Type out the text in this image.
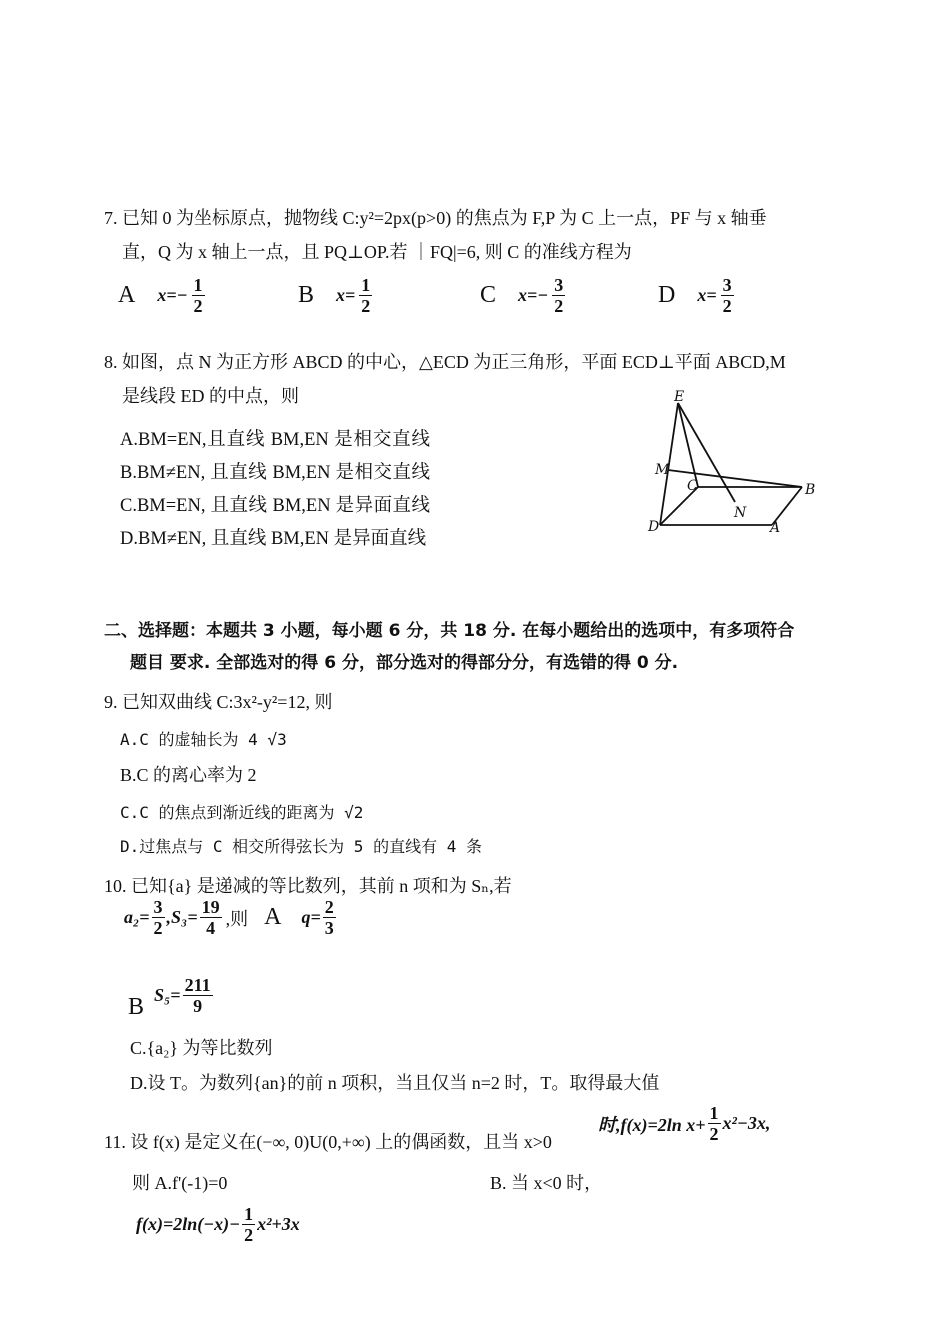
7. 已知 0 为坐标原点，抛物线 C:y²=2px(p>0) 的焦点为 F,P 为 C 上一点，PF 与 x 轴垂
直，Q 为 x 轴上一点，且 PQ⊥OP.若 ｜FQ|=6, 则 C 的准线方程为
A $x=- \frac{1}{2}$	B $x= \frac{1}{2}$	C $x=- \frac{3}{2}$	D $x= \frac{3}{2}$
8. 如图，点 N 为正方形 ABCD 的中心，△ECD 为正三角形，平面 ECD⊥平面 ABCD,M
是线段 ED 的中点，则
A.BM=EN,且直线 BM,EN 是相交直线 B.BM≠EN, 且直线 BM,EN 是相交直线 C.BM=EN, 且直线 BM,EN 是异面直线 D.BM≠EN, 且直线 BM,EN 是异面直线
E
M
C	B
N
D	A
二、选择题：本题共 3 小题，每小题 6 分，共 18 分. 在每小题给出的选项中，有多项符合
题目 要求. 全部选对的得 6 分，部分选对的得部分分，有选错的得 0 分.
9. 已知双曲线 C:3x²-y²=12, 则
A.C 的虚轴长为 4 √3
B.C 的离心率为 2
C.C 的焦点到渐近线的距离为 √2
D.过焦点与 C 相交所得弦长为 5 的直线有 4 条
10. 已知{a} 是递减的等比数列，其前 n 项和为 Sₙ,若
$a_2= \frac{3}{2} ,S_3= \frac{19}{4}$ ,则 A $q= \frac{2}{3}$
B $S_5= \frac{211}{9}$
C.{a₂} 为等比数列
D.设 T。为数列{an}的前 n 项积，当且仅当 n=2 时，T。取得最大值
11. 设 f(x) 是定义在(−∞, 0)U(0,+∞) 上的偶函数，且当 x>0
时,f(x)=2ln $x+ \frac{1}{2} x^2-3x$,
则 A.f'(-1)=0	B. 当 x<0 时，
$f(x)=2\ln(-x)- \frac{1}{2} x^2+3x$
